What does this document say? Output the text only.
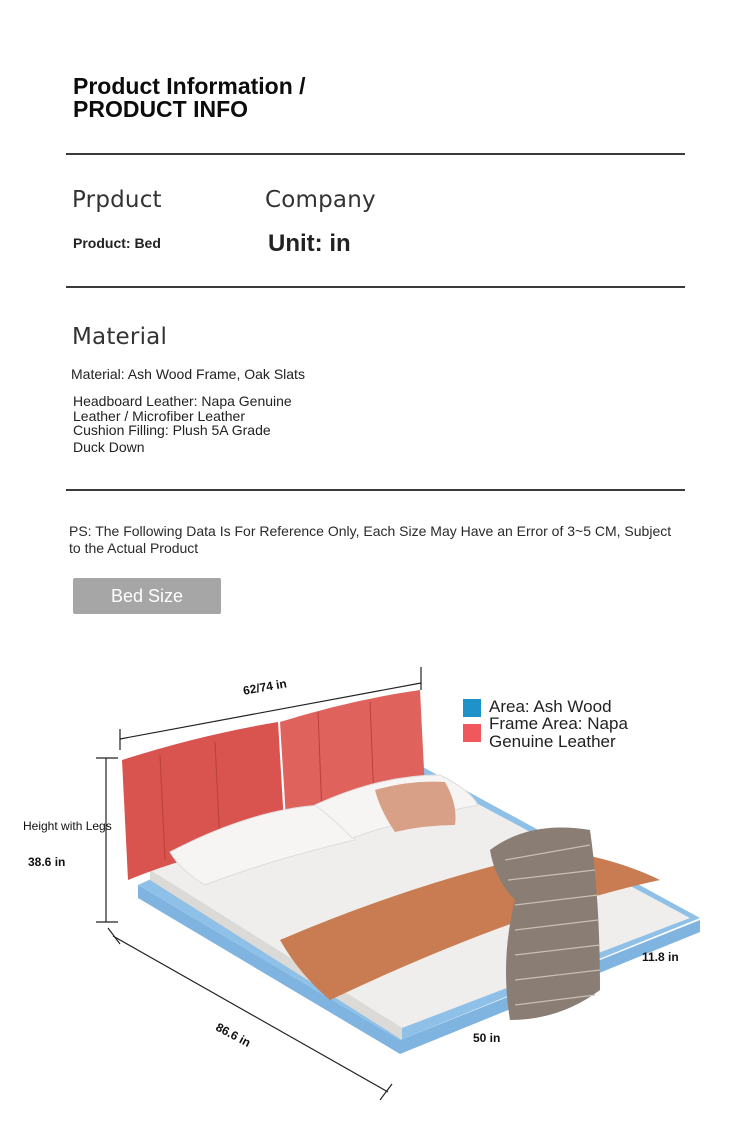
Product Information /
PRODUCT INFO
Prpduct
Product: Bed
Company
Unit: in
Material
Material: Ash Wood Frame, Oak Slats
Headboard Leather: Napa Genuine
Leather / Microfiber Leather
Cushion Filling: Plush 5A Grade
Duck Down
PS: The Following Data Is For Reference Only, Each Size May Have an Error of 3~5 CM, Subject
to the Actual Product
Bed Size
62/74 in
Height with Legs
38.6 in
86.6 in	50 in
11.8 in
Area: Ash Wood
Frame Area: Napa
Genuine Leather
